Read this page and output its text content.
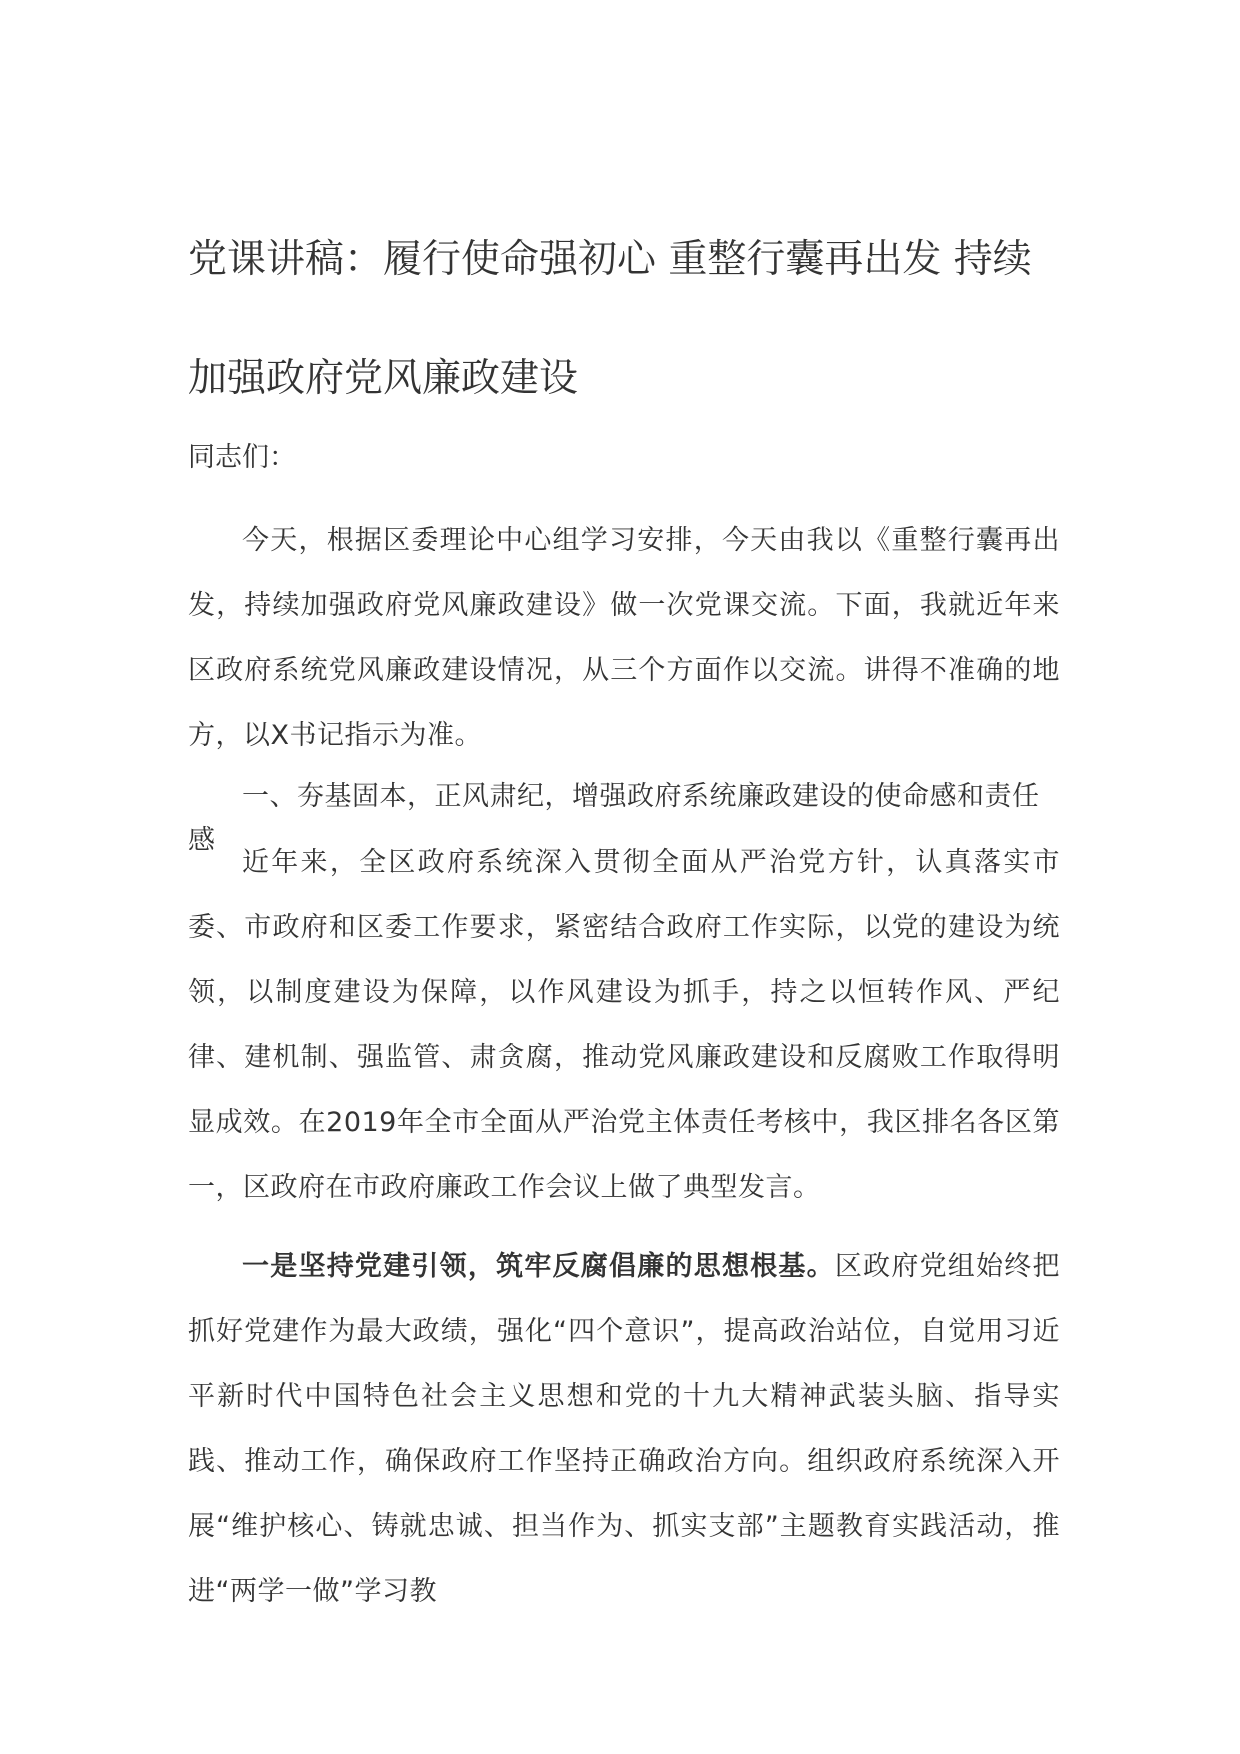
党课讲稿：履行使命强初心 重整行囊再出发 持续加强政府党风廉政建设

同志们：

今天，根据区委理论中心组学习安排，今天由我以《重整行囊再出发，持续加强政府党风廉政建设》做一次党课交流。下面，我就近年来区政府系统党风廉政建设情况，从三个方面作以交流。讲得不准确的地方，以X书记指示为准。

一、夯基固本，正风肃纪，增强政府系统廉政建设的使命感和责任感

近年来，全区政府系统深入贯彻全面从严治党方针，认真落实市委、市政府和区委工作要求，紧密结合政府工作实际，以党的建设为统领，以制度建设为保障，以作风建设为抓手，持之以恒转作风、严纪律、建机制、强监管、肃贪腐，推动党风廉政建设和反腐败工作取得明显成效。在2019年全市全面从严治党主体责任考核中，我区排名各区第一，区政府在市政府廉政工作会议上做了典型发言。

一是坚持党建引领，筑牢反腐倡廉的思想根基。区政府党组始终把抓好党建作为最大政绩，强化“四个意识”，提高政治站位，自觉用习近平新时代中国特色社会主义思想和党的十九大精神武装头脑、指导实践、推动工作，确保政府工作坚持正确政治方向。组织政府系统深入开展“维护核心、铸就忠诚、担当作为、抓实支部”主题教育实践活动，推进“两学一做”学习教
